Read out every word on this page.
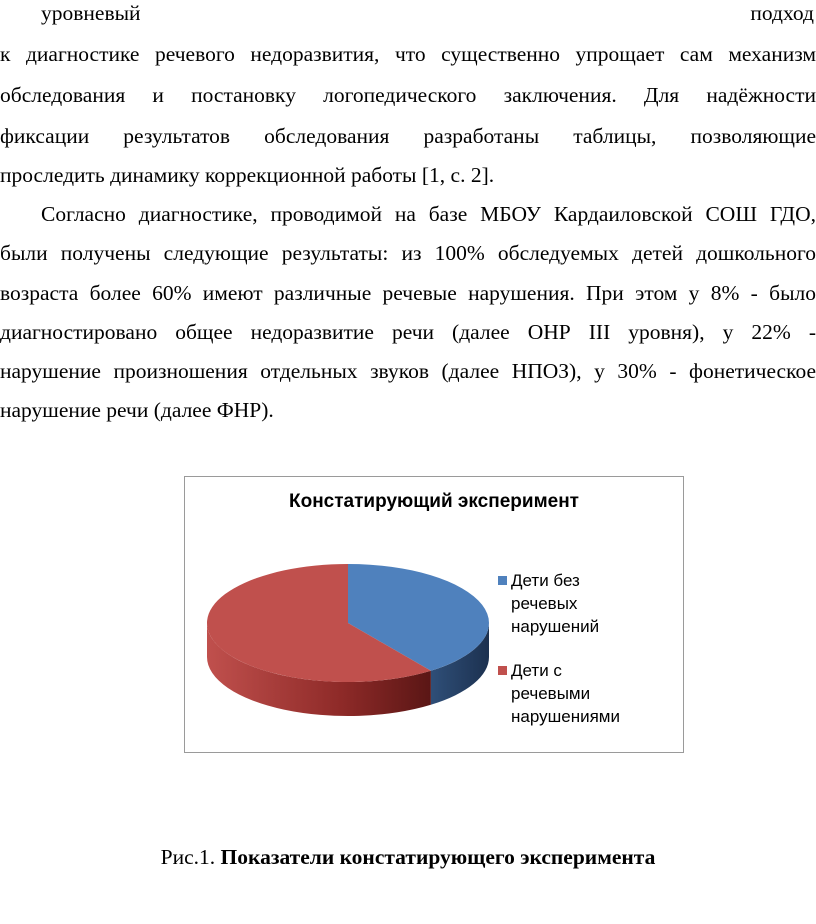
уровневый	подход
к диагностике речевого недоразвития, что существенно упрощает сам механизм
обследования и постановку логопедического заключения. Для надёжности
фиксации результатов обследования разработаны таблицы, позволяющие
проследить динамику коррекционной работы [1, с. 2].
Согласно диагностике, проводимой на базе МБОУ Кардаиловской СОШ ГДО,
были получены следующие результаты: из 100% обследуемых детей дошкольного
возраста более 60% имеют различные речевые нарушения. При этом у 8% - было
диагностировано общее недоразвитие речи (далее ОНР III уровня), у 22% -
нарушение произношения отдельных звуков (далее НПОЗ), у 30% - фонетическое
нарушение речи (далее ФНР).
Констатирующий эксперимент
Дети без
речевых
нарушений
Дети с
речевыми
нарушениями
Рис.1. Показатели констатирующего эксперимента
